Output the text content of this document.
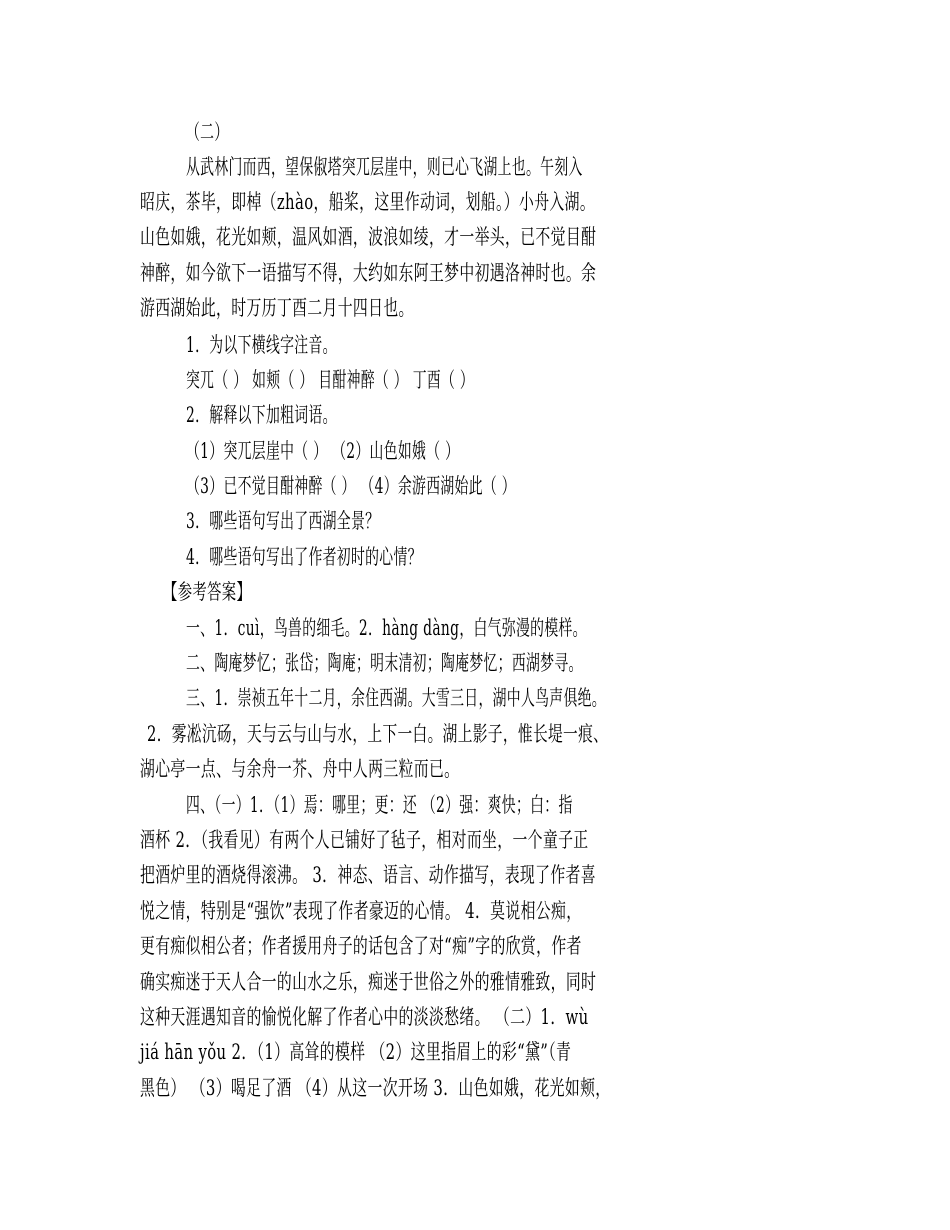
（二）
从武林门而西，望保俶塔突兀层崖中，则已心飞湖上也。午刻入
昭庆，茶毕，即棹（zhào，船桨，这里作动词，划船。）小舟入湖。
山色如娥，花光如颊，温风如酒，波浪如绫，才一举头，已不觉目酣
神醉，如今欲下一语描写不得，大约如东阿王梦中初遇洛神时也。余
游西湖始此，时万历丁酉二月十四日也。
1．为以下横线字注音。
突兀（ ） 如颊（ ） 目酣神醉（ ） 丁酉（ ）
2．解释以下加粗词语。
（1）突兀层崖中（ ） （2）山色如娥（ ）
（3）已不觉目酣神醉（ ） （4）余游西湖始此（ ）
3．哪些语句写出了西湖全景？
4．哪些语句写出了作者初时的心情？
【参考答案】
一、1．cuì，鸟兽的细毛。2．hàng dàng，白气弥漫的模样。
二、陶庵梦忆；张岱；陶庵；明末清初；陶庵梦忆；西湖梦寻。
三、1．崇祯五年十二月，余住西湖。大雪三日，湖中人鸟声俱绝。
2．雾凇沆砀，天与云与山与水，上下一白。湖上影子，惟长堤一痕、
湖心亭一点、与余舟一芥、舟中人两三粒而已。
四、（一）1．（1）焉：哪里；更：还 （2）强：爽快；白：指
酒杯 2．（我看见）有两个人已铺好了毡子，相对而坐，一个童子正
把酒炉里的酒烧得滚沸。 3．神态、语言、动作描写，表现了作者喜
悦之情，特别是“强饮”表现了作者豪迈的心情。 4．莫说相公痴，
更有痴似相公者；作者援用舟子的话包含了对“痴”字的欣赏，作者
确实痴迷于天人合一的山水之乐，痴迷于世俗之外的雅情雅致，同时
这种天涯遇知音的愉悦化解了作者心中的淡淡愁绪。 （二）1．wù
jiá hān yǒu 2．（1）高耸的模样 （2）这里指眉上的彩“黛”（青
黑色） （3）喝足了酒 （4）从这一次开场 3．山色如娥，花光如颊，
